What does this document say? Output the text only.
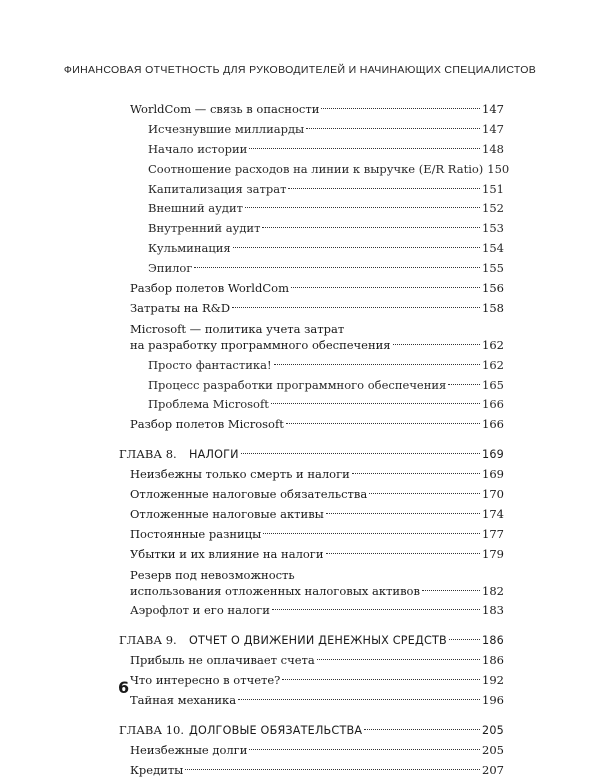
ФИНАНСОВАЯ ОТЧЕТНОСТЬ ДЛЯ РУКОВОДИТЕЛЕЙ И НАЧИНАЮЩИХ СПЕЦИАЛИСТОВ
WorldCom — связь в опасности	147
Исчезнувшие миллиарды	147
Начало истории	148
Соотношение расходов на линии к выручке (E/R Ratio) 150
Капитализация затрат	151
Внешний аудит	152
Внутренний аудит	153
Кульминация	154
Эпилог	155
Разбор полетов WorldCom	156
Затраты на R&D	158
Microsoft — политика учета затрат
на разработку программного обеспечения	162
Просто фантастика!	162
Процесс разработки программного обеспечения	165
Проблема Microsoft	166
Разбор полетов Microsoft	166
ГЛАВА 8.	НАЛОГИ	169
Неизбежны только смерть и налоги	169
Отложенные налоговые обязательства	170
Отложенные налоговые активы	174
Постоянные разницы	177
Убытки и их влияние на налоги	179
Резерв под невозможность
использования отложенных налоговых активов	182
Аэрофлот и его налоги	183
ГЛАВА 9.	ОТЧЕТ О ДВИЖЕНИИ ДЕНЕЖНЫХ СРЕДСТВ	186
Прибыль не оплачивает счета	186
Что интересно в отчете?	192
Тайная механика	196
ГЛАВА 10. ДОЛГОВЫЕ ОБЯЗАТЕЛЬСТВА	205
Неизбежные долги	205
Кредиты	207
6
